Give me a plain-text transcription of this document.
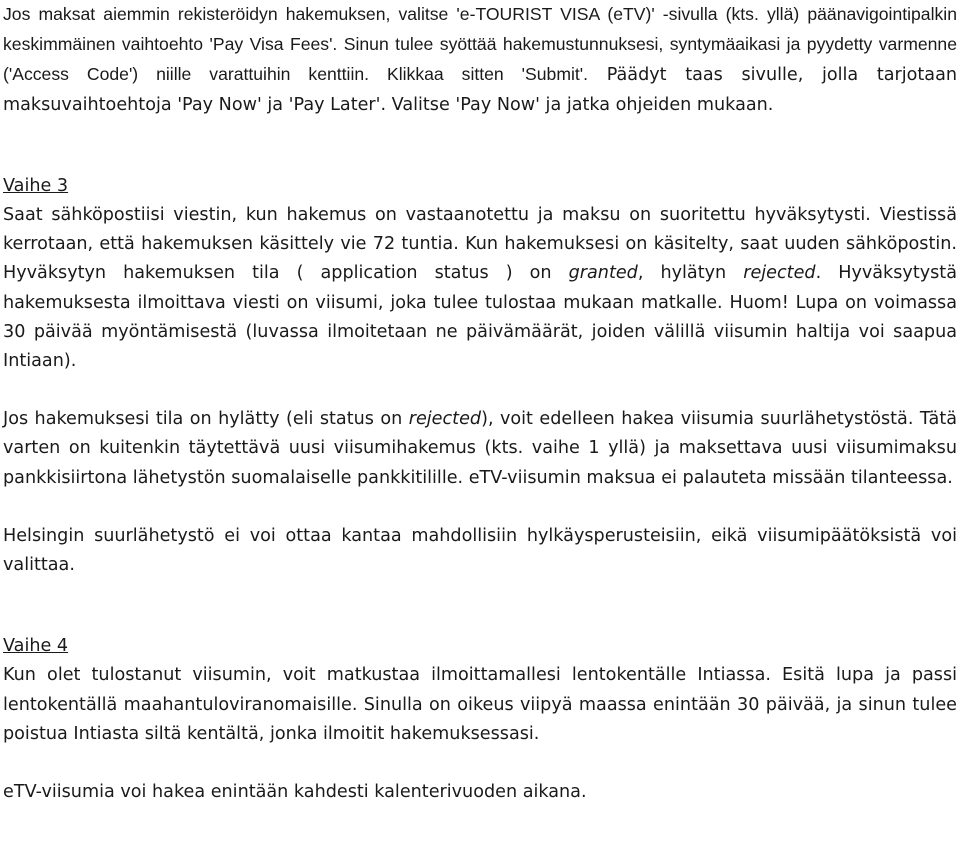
Jos maksat aiemmin rekisteröidyn hakemuksen, valitse 'e-TOURIST VISA (eTV)' -sivulla (kts. yllä) päänavigointipalkin keskimmäinen vaihtoehto 'Pay Visa Fees'. Sinun tulee syöttää hakemustunnuksesi, syntymäaikasi ja pyydetty varmenne ('Access Code') niille varattuihin kenttiin. Klikkaa sitten 'Submit'. Päädyt taas sivulle, jolla tarjotaan maksuvaihtoehtoja 'Pay Now' ja 'Pay Later'. Valitse 'Pay Now' ja jatka ohjeiden mukaan.

Vaihe 3

Saat sähköpostiisi viestin, kun hakemus on vastaanotettu ja maksu on suoritettu hyväksytysti. Viestissä kerrotaan, että hakemuksen käsittely vie 72 tuntia. Kun hakemuksesi on käsitelty, saat uuden sähköpostin. Hyväksytyn hakemuksen tila ( application status ) on granted, hylätyn rejected. Hyväksytystä hakemuksesta ilmoittava viesti on viisumi, joka tulee tulostaa mukaan matkalle. Huom! Lupa on voimassa 30 päivää myöntämisestä (luvassa ilmoitetaan ne päivämäärät, joiden välillä viisumin haltija voi saapua Intiaan).

Jos hakemuksesi tila on hylätty (eli status on rejected), voit edelleen hakea viisumia suurlähetystöstä. Tätä varten on kuitenkin täytettävä uusi viisumihakemus (kts. vaihe 1 yllä) ja maksettava uusi viisumimaksu pankkisiirtona lähetystön suomalaiselle pankkitilille. eTV-viisumin maksua ei palauteta missään tilanteessa.

Helsingin suurlähetystö ei voi ottaa kantaa mahdollisiin hylkäysperusteisiin, eikä viisumipäätöksistä voi valittaa.

Vaihe 4

Kun olet tulostanut viisumin, voit matkustaa ilmoittamallesi lentokentälle Intiassa. Esitä lupa ja passi lentokentällä maahantuloviranomaisille. Sinulla on oikeus viipyä maassa enintään 30 päivää, ja sinun tulee poistua Intiasta siltä kentältä, jonka ilmoitit hakemuksessasi.

eTV-viisumia voi hakea enintään kahdesti kalenterivuoden aikana.
